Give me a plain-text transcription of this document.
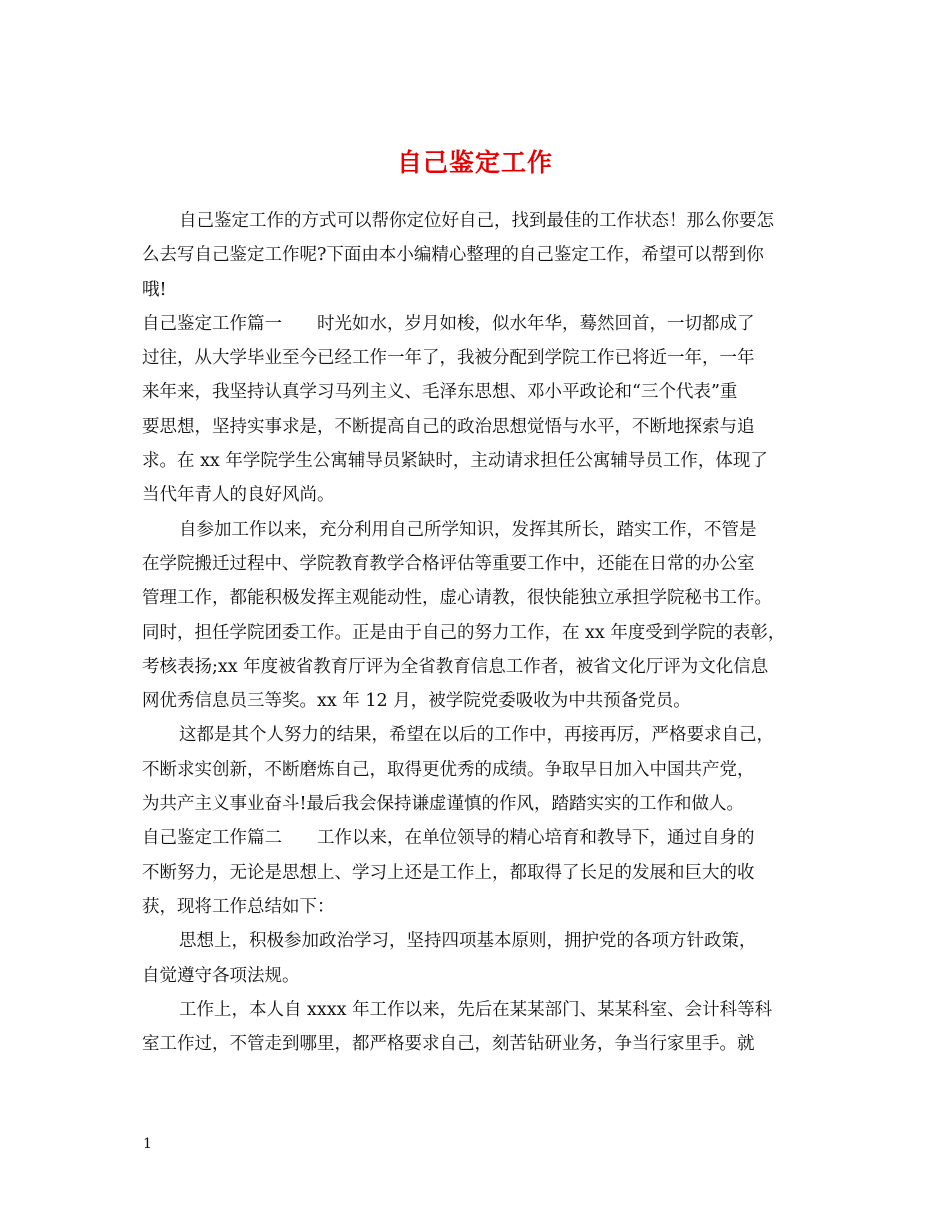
自己鉴定工作
自己鉴定工作的方式可以帮你定位好自己，找到最佳的工作状态！那么你要怎
么去写自己鉴定工作呢?下面由本小编精心整理的自己鉴定工作，希望可以帮到你
哦!
自己鉴定工作篇一　　时光如水，岁月如梭，似水年华，蓦然回首，一切都成了
过往，从大学毕业至今已经工作一年了，我被分配到学院工作已将近一年，一年
来年来，我坚持认真学习马列主义、毛泽东思想、邓小平政论和“三个代表”重
要思想，坚持实事求是，不断提高自己的政治思想觉悟与水平，不断地探索与追
求。在 xx 年学院学生公寓辅导员紧缺时，主动请求担任公寓辅导员工作，体现了
当代年青人的良好风尚。
自参加工作以来，充分利用自己所学知识，发挥其所长，踏实工作，不管是
在学院搬迁过程中、学院教育教学合格评估等重要工作中，还能在日常的办公室
管理工作，都能积极发挥主观能动性，虚心请教，很快能独立承担学院秘书工作。
同时，担任学院团委工作。正是由于自己的努力工作，在 xx 年度受到学院的表彰，
考核表扬;xx 年度被省教育厅评为全省教育信息工作者，被省文化厅评为文化信息
网优秀信息员三等奖。xx 年 12 月，被学院党委吸收为中共预备党员。
这都是其个人努力的结果，希望在以后的工作中，再接再厉，严格要求自己，
不断求实创新，不断磨炼自己，取得更优秀的成绩。争取早日加入中国共产党，
为共产主义事业奋斗!最后我会保持谦虚谨慎的作风，踏踏实实的工作和做人。
自己鉴定工作篇二　　工作以来，在单位领导的精心培育和教导下，通过自身的
不断努力，无论是思想上、学习上还是工作上，都取得了长足的发展和巨大的收
获，现将工作总结如下：
思想上，积极参加政治学习，坚持四项基本原则，拥护党的各项方针政策，
自觉遵守各项法规。
工作上，本人自 xxxx 年工作以来，先后在某某部门、某某科室、会计科等科
室工作过，不管走到哪里，都严格要求自己，刻苦钻研业务，争当行家里手。就
1
